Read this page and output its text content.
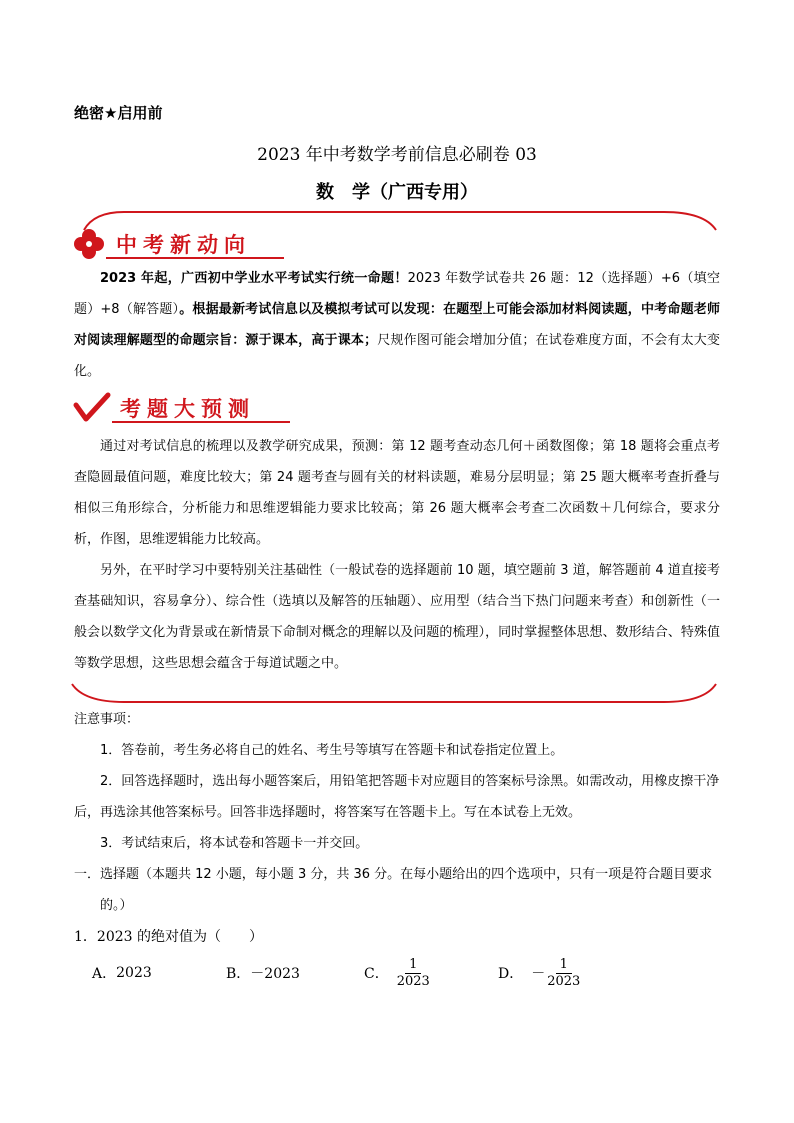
绝密★启用前
2023 年中考数学考前信息必刷卷 03
数　学（广西专用）
中考新动向

2023 年起，广西初中学业水平考试实行统一命题！2023 年数学试卷共 26 题：12（选择题）+6（填空题）+8（解答题）。根据最新考试信息以及模拟考试可以发现：在题型上可能会添加材料阅读题，中考命题老师对阅读理解题型的命题宗旨：源于课本，高于课本；尺规作图可能会增加分值；在试卷难度方面，不会有太大变化。

考题大预测

通过对考试信息的梳理以及教学研究成果，预测：第 12 题考查动态几何＋函数图像；第 18 题将会重点考查隐圆最值问题，难度比较大；第 24 题考查与圆有关的材料读题，难易分层明显；第 25 题大概率考查折叠与相似三角形综合，分析能力和思维逻辑能力要求比较高；第 26 题大概率会考查二次函数＋几何综合，要求分析，作图，思维逻辑能力比较高。

另外，在平时学习中要特别关注基础性（一般试卷的选择题前 10 题，填空题前 3 道，解答题前 4 道直接考查基础知识，容易拿分）、综合性（选填以及解答的压轴题）、应用型（结合当下热门问题来考查）和创新性（一般会以数学文化为背景或在新情景下命制对概念的理解以及问题的梳理），同时掌握整体思想、数形结合、特殊值等数学思想，这些思想会蕴含于每道试题之中。

注意事项：

1．答卷前，考生务必将自己的姓名、考生号等填写在答题卡和试卷指定位置上。

2．回答选择题时，选出每小题答案后，用铅笔把答题卡对应题目的答案标号涂黑。如需改动，用橡皮擦干净后，再选涂其他答案标号。回答非选择题时，将答案写在答题卡上。写在本试卷上无效。

3．考试结束后，将本试卷和答题卡一并交回。

一．选择题（本题共 12 小题，每小题 3 分，共 36 分。在每小题给出的四个选项中，只有一项是符合题目要求的。）

1．2023 的绝对值为（　　）
A． 2023	B． －2023	C． $\frac{1}{2023}$	D． － $\frac{1}{2023}$
